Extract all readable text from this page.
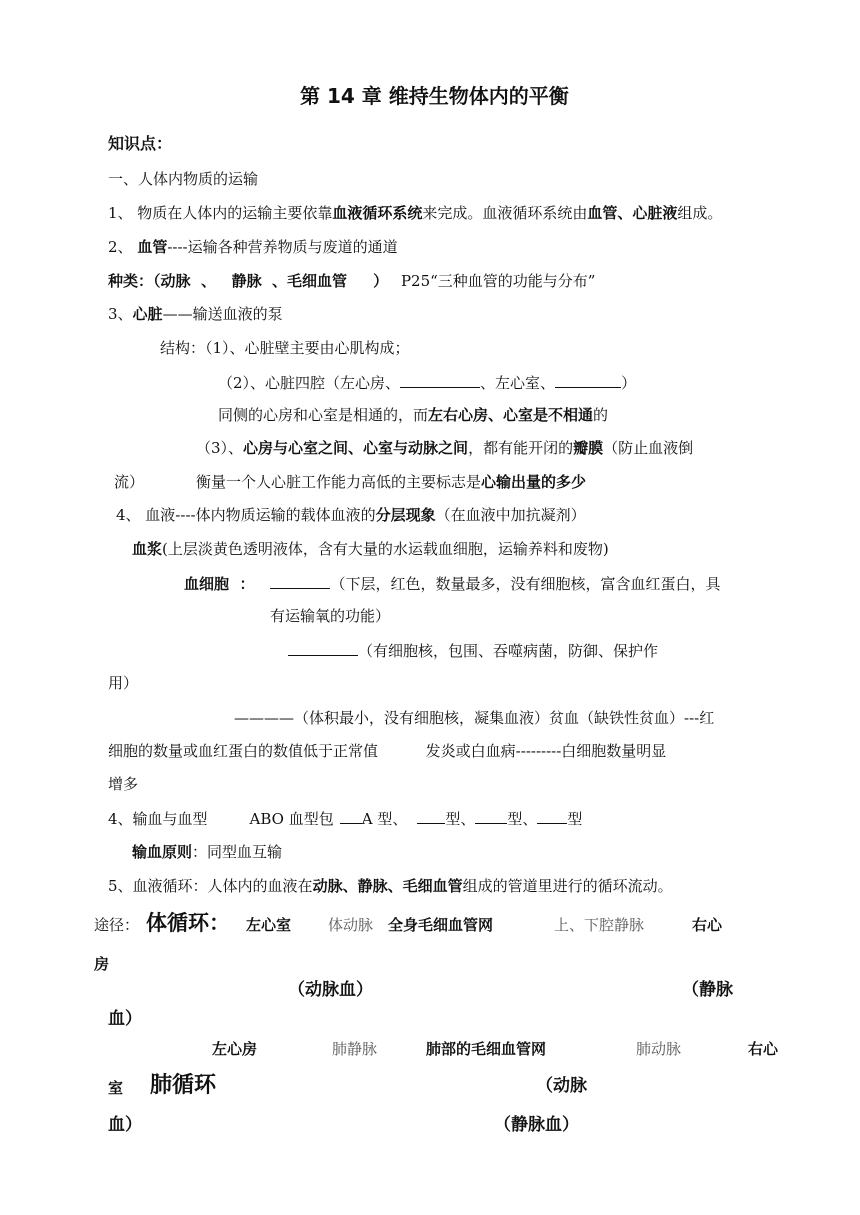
第 14 章 维持生物体内的平衡
知识点：
一、人体内物质的运输
1、 物质在人体内的运输主要依靠血液循环系统来完成。血液循环系统由血管、心脏液组成。
2、 血管----运输各种营养物质与废道的通道
种类：（动脉  、   静脉  、毛细血管     ） P25“三种血管的功能与分布”
3、心脏——输送血液的泵
结构：（1）、心脏壁主要由心肌构成；
（2）、心脏四腔（左心房、	、左心室、	）
同侧的心房和心室是相通的，而左右心房、心室是不相通的
（3）、心房与心室之间、心室与动脉之间，都有能开闭的瓣膜（防止血液倒
流）	衡量一个人心脏工作能力高低的主要标志是心输出量的多少
4、 血液----体内物质运输的载体血液的分层现象（在血液中加抗凝剂）
血浆(上层淡黄色透明液体，含有大量的水运载血细胞，运输养料和废物)
血细胞  ：	（下层，红色，数量最多，没有细胞核，富含血红蛋白，具
有运输氧的功能）
（有细胞核，包围、吞噬病菌，防御、保护作
用）
————（体积最小，没有细胞核，凝集血液）贫血（缺铁性贫血）---红
细胞的数量或血红蛋白的数值低于正常值          发炎或白血病---------白细胞数量明显
增多
4、输血与血型	ABO 血型包 A 型、	型、 型、 型
输血原则：同型血互输
5、血液循环：人体内的血液在动脉、静脉、毛细血管组成的管道里进行的循环流动。
途径： 体循环： 左心室 体动脉 全身毛细血管网	上、下腔静脉	右心
房
（动脉血）	（静脉
血）
左心房	肺静脉	肺部的毛细血管网	肺动脉	右心
室 肺循环	（动脉
血）	（静脉血）
